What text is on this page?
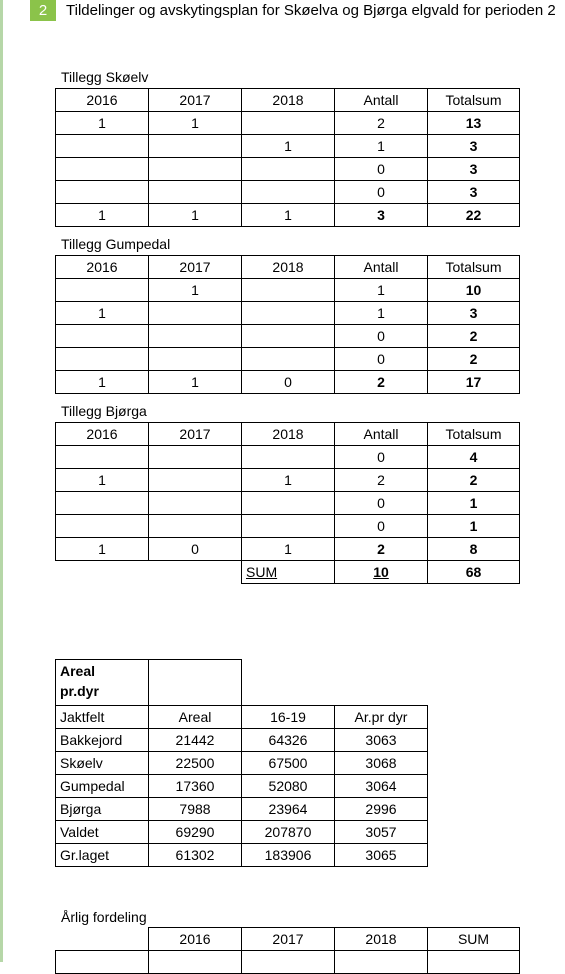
2	Tildelinger og avskytingsplan for Skøelva og Bjørga elgvald for perioden 2
Tillegg Skøelv
2016	2017	2018	Antall	Totalsum
1	1		2	13
		1	1	3
			0	3
			0	3
1	1	1	3	22
Tillegg Gumpedal
2016	2017	2018	Antall	Totalsum
	1		1	10
1			1	3
			0	2
			0	2
1	1	0	2	17
Tillegg Bjørga
2016	2017	2018	Antall	Totalsum
			0	4
1		1	2	2
			0	1
			0	1
1	0	1	2	8
		SUM	10	68
Areal
pr.dyr			
Jaktfelt	Areal	16-19	Ar.pr dyr
Bakkejord	21442	64326	3063
Skøelv	22500	67500	3068
Gumpedal	17360	52080	3064
Bjørga	7988	23964	2996
Valdet	69290	207870	3057
Gr.laget	61302	183906	3065
Årlig fordeling
	2016	2017	2018	SUM
